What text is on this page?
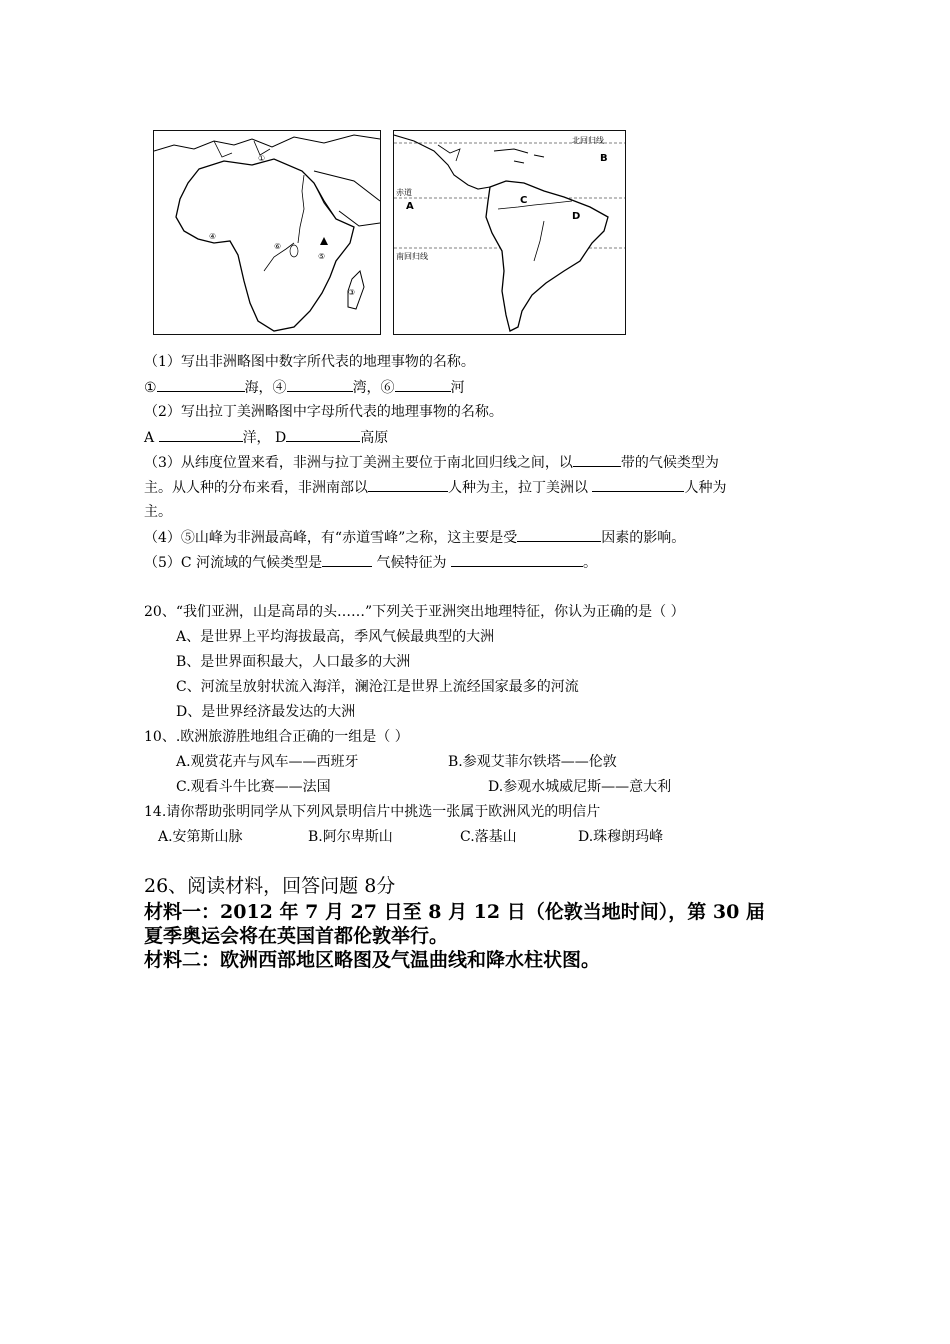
①
④
⑥
⑤
③
北回归线
B
赤道
A
C
D
南回归线
（1）写出非洲略图中数字所代表的地理事物的名称。
①	海，④	湾，⑥	河
（2）写出拉丁美洲略图中字母所代表的地理事物的名称。
A	洋， D	高原
（3）从纬度位置来看，非洲与拉丁美洲主要位于南北回归线之间，以	带的气候类型为
主。从人种的分布来看，非洲南部以	人种为主，拉丁美洲以	人种为
主。
（4）⑤山峰为非洲最高峰，有“赤道雪峰”之称，这主要是受	因素的影响。
（5）C 河流域的气候类型是	气候特征为	。
20、“我们亚洲，山是高昂的头……”下列关于亚洲突出地理特征，你认为正确的是（ ）
A、是世界上平均海拔最高，季风气候最典型的大洲
B、是世界面积最大，人口最多的大洲
C、河流呈放射状流入海洋，澜沧江是世界上流经国家最多的河流
D、是世界经济最发达的大洲
10、.欧洲旅游胜地组合正确的一组是（ ）
A.观赏花卉与风车——西班牙	B.参观艾菲尔铁塔——伦敦
C.观看斗牛比赛——法国	D.参观水城威尼斯——意大利
14.请你帮助张明同学从下列风景明信片中挑选一张属于欧洲风光的明信片
A.安第斯山脉	B.阿尔卑斯山	C.落基山	D.珠穆朗玛峰
26、阅读材料，回答问题 8分
材料一：2012 年 7 月 27 日至 8 月 12 日（伦敦当地时间），第 30 届
夏季奥运会将在英国首都伦敦举行。
材料二：欧洲西部地区略图及气温曲线和降水柱状图。
